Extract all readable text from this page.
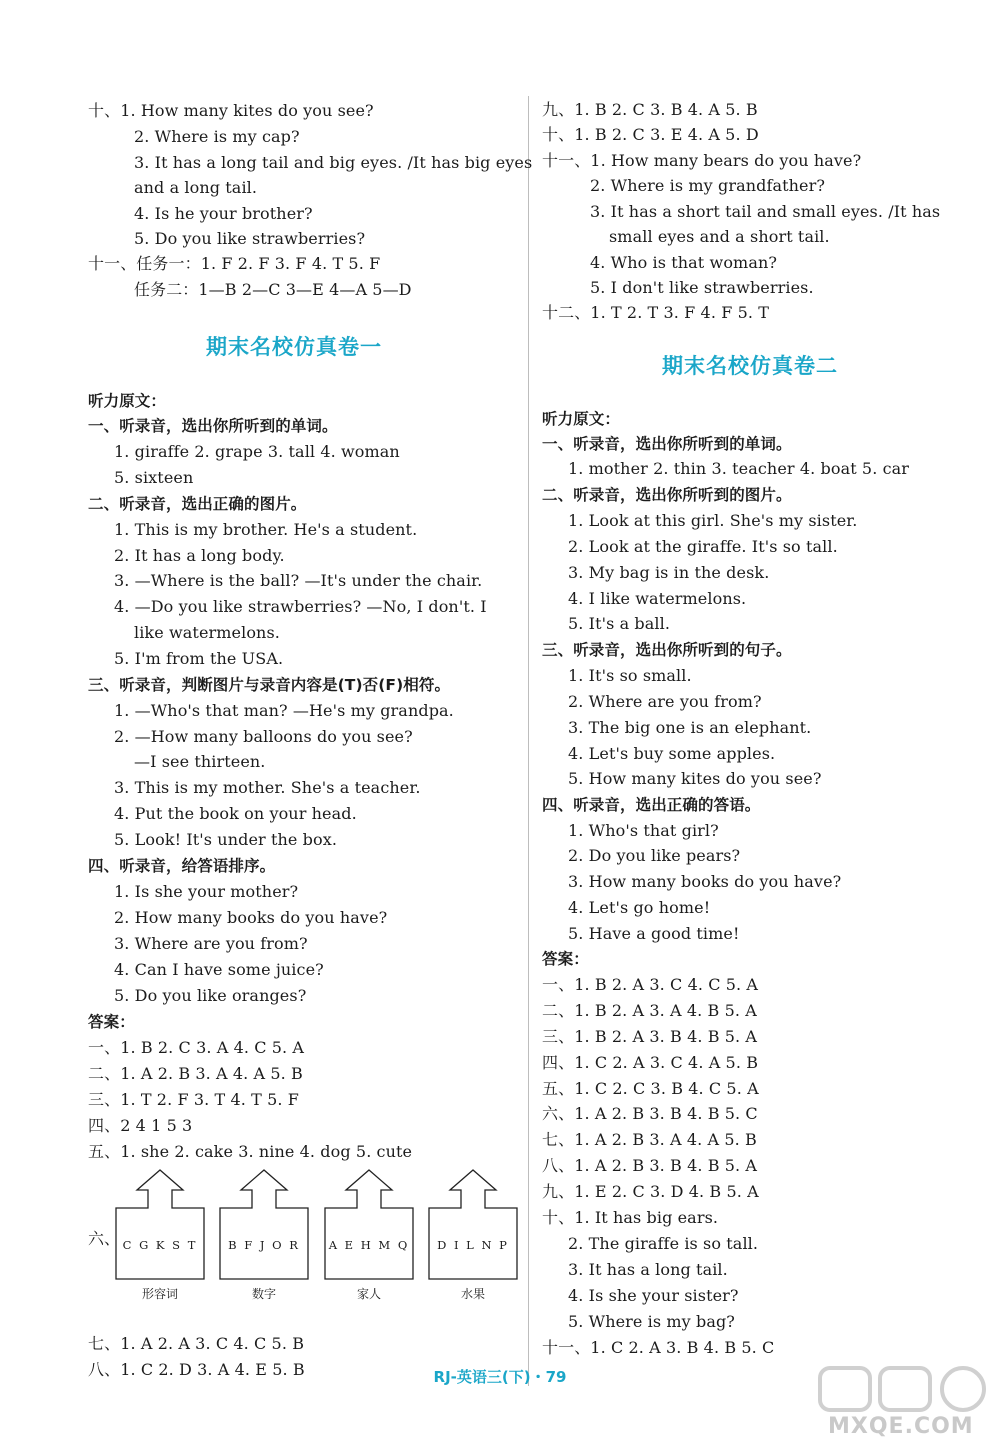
十、1. How many kites do you see?
2. Where is my cap?
3. It has a long tail and big eyes. /It has big eyes
and a long tail.
4. Is he your brother?
5. Do you like strawberries?
十一、任务一：1. F 2. F 3. F 4. T 5. F
任务二：1—B 2—C 3—E 4—A 5—D
期末名校仿真卷一
听力原文：
一、听录音，选出你所听到的单词。
1. giraffe 2. grape 3. tall 4. woman
5. sixteen
二、听录音，选出正确的图片。
1. This is my brother. He's a student.
2. It has a long body.
3. —Where is the ball? —It's under the chair.
4. —Do you like strawberries? —No, I don't. I
like watermelons.
5. I'm from the USA.
三、听录音，判断图片与录音内容是(T)否(F)相符。
1. —Who's that man? —He's my grandpa.
2. —How many balloons do you see?
—I see thirteen.
3. This is my mother. She's a teacher.
4. Put the book on your head.
5. Look! It's under the box.
四、听录音，给答语排序。
1. Is she your mother?
2. How many books do you have?
3. Where are you from?
4. Can I have some juice?
5. Do you like oranges?
答案：
一、1. B 2. C 3. A 4. C 5. A
二、1. A 2. B 3. A 4. A 5. B
三、1. T 2. F 3. T 4. T 5. F
四、2 4 1 5 3
五、1. she 2. cake 3. nine 4. dog 5. cute
七、1. A 2. A 3. C 4. C 5. B
八、1. C 2. D 3. A 4. E 5. B
六、 C G K S T
形容词
B F J O R
数字
A E H M Q
家人
D I L N P
水果
九、1. B 2. C 3. B 4. A 5. B
十、1. B 2. C 3. E 4. A 5. D
十一、1. How many bears do you have?
2. Where is my grandfather?
3. It has a short tail and small eyes. /It has
small eyes and a short tail.
4. Who is that woman?
5. I don't like strawberries.
十二、1. T 2. T 3. F 4. F 5. T
期末名校仿真卷二
听力原文：
一、听录音，选出你所听到的单词。
1. mother 2. thin 3. teacher 4. boat 5. car
二、听录音，选出你所听到的图片。
1. Look at this girl. She's my sister.
2. Look at the giraffe. It's so tall.
3. My bag is in the desk.
4. I like watermelons.
5. It's a ball.
三、听录音，选出你所听到的句子。
1. It's so small.
2. Where are you from?
3. The big one is an elephant.
4. Let's buy some apples.
5. How many kites do you see?
四、听录音，选出正确的答语。
1. Who's that girl?
2. Do you like pears?
3. How many books do you have?
4. Let's go home!
5. Have a good time!
答案：
一、1. B 2. A 3. C 4. C 5. A
二、1. B 2. A 3. A 4. B 5. A
三、1. B 2. A 3. B 4. B 5. A
四、1. C 2. A 3. C 4. A 5. B
五、1. C 2. C 3. B 4. C 5. A
六、1. A 2. B 3. B 4. B 5. C
七、1. A 2. B 3. A 4. A 5. B
八、1. A 2. B 3. B 4. B 5. A
九、1. E 2. C 3. D 4. B 5. A
十、1. It has big ears.
2. The giraffe is so tall.
3. It has a long tail.
4. Is she your sister?
5. Where is my bag?
十一、1. C 2. A 3. B 4. B 5. C
RJ-英语三(下)・79
MXQE.COM
